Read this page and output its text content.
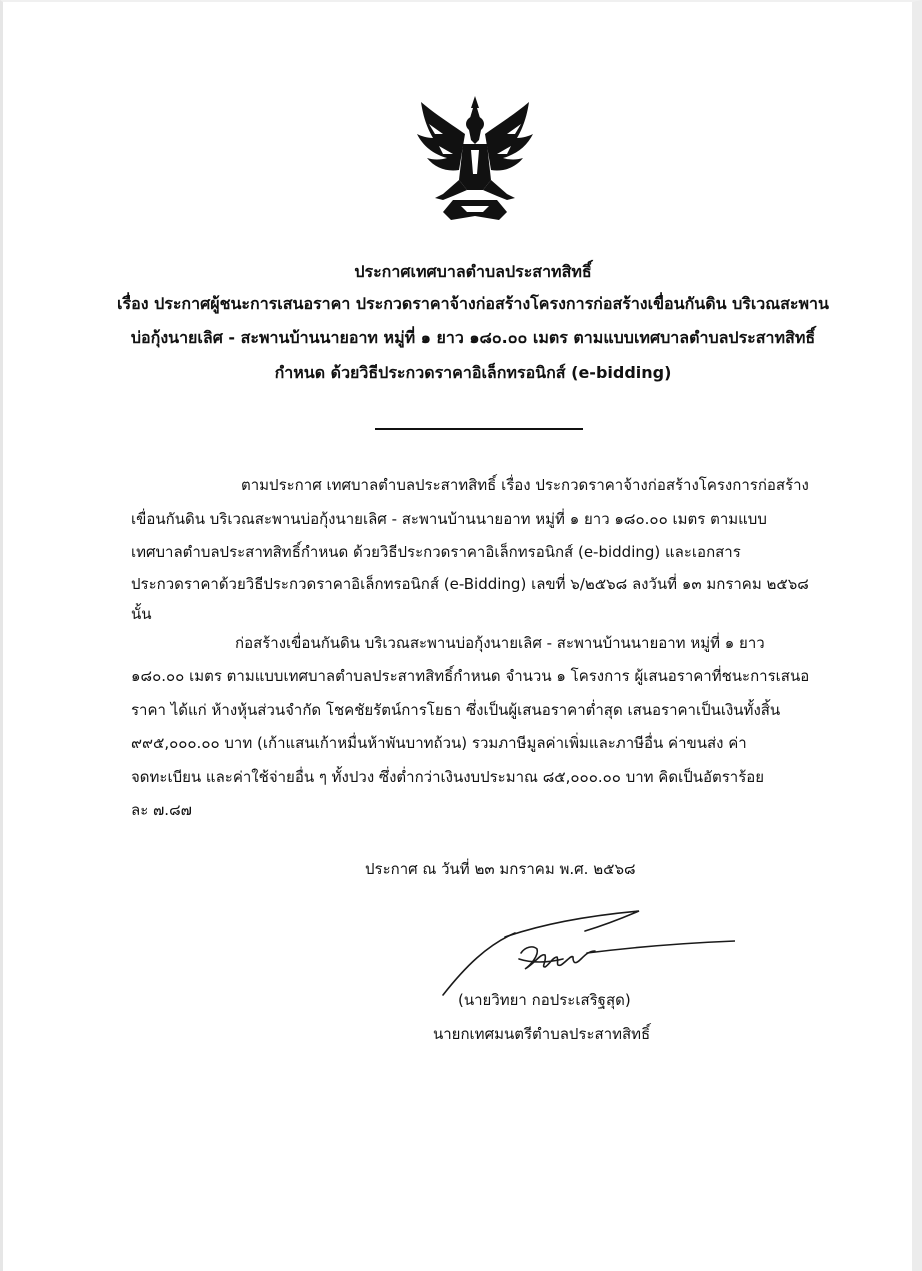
ประกาศเทศบาลตำบลประสาทสิทธิ์
เรื่อง ประกาศผู้ชนะการเสนอราคา ประกวดราคาจ้างก่อสร้างโครงการก่อสร้างเขื่อนกันดิน บริเวณสะพาน
บ่อกุ้งนายเลิศ - สะพานบ้านนายอาท หมู่ที่ ๑ ยาว ๑๘๐.๐๐ เมตร ตามแบบเทศบาลตำบลประสาทสิทธิ์
กำหนด ด้วยวิธีประกวดราคาอิเล็กทรอนิกส์ (e-bidding)
ตามประกาศ เทศบาลตำบลประสาทสิทธิ์ เรื่อง ประกวดราคาจ้างก่อสร้างโครงการก่อสร้าง
เขื่อนกันดิน บริเวณสะพานบ่อกุ้งนายเลิศ - สะพานบ้านนายอาท หมู่ที่ ๑ ยาว ๑๘๐.๐๐ เมตร ตามแบบ
เทศบาลตำบลประสาทสิทธิ์กำหนด ด้วยวิธีประกวดราคาอิเล็กทรอนิกส์ (e-bidding) และเอกสาร
ประกวดราคาด้วยวิธีประกวดราคาอิเล็กทรอนิกส์ (e-Bidding) เลขที่ ๖/๒๕๖๘ ลงวันที่ ๑๓ มกราคม ๒๕๖๘
นั้น
ก่อสร้างเขื่อนกันดิน บริเวณสะพานบ่อกุ้งนายเลิศ - สะพานบ้านนายอาท หมู่ที่ ๑ ยาว
๑๘๐.๐๐ เมตร ตามแบบเทศบาลตำบลประสาทสิทธิ์กำหนด จำนวน ๑ โครงการ ผู้เสนอราคาที่ชนะการเสนอ
ราคา ได้แก่ ห้างหุ้นส่วนจำกัด โชคชัยรัตน์การโยธา ซึ่งเป็นผู้เสนอราคาต่ำสุด เสนอราคาเป็นเงินทั้งสิ้น
๙๙๕,๐๐๐.๐๐ บาท (เก้าแสนเก้าหมื่นห้าพันบาทถ้วน) รวมภาษีมูลค่าเพิ่มและภาษีอื่น ค่าขนส่ง ค่า
จดทะเบียน และค่าใช้จ่ายอื่น ๆ ทั้งปวง ซึ่งต่ำกว่าเงินงบประมาณ ๘๕,๐๐๐.๐๐ บาท คิดเป็นอัตราร้อย
ละ ๗.๘๗
ประกาศ ณ วันที่ ๒๓ มกราคม พ.ศ. ๒๕๖๘
(นายวิทยา กอประเสริฐสุด)
นายกเทศมนตรีตำบลประสาทสิทธิ์
